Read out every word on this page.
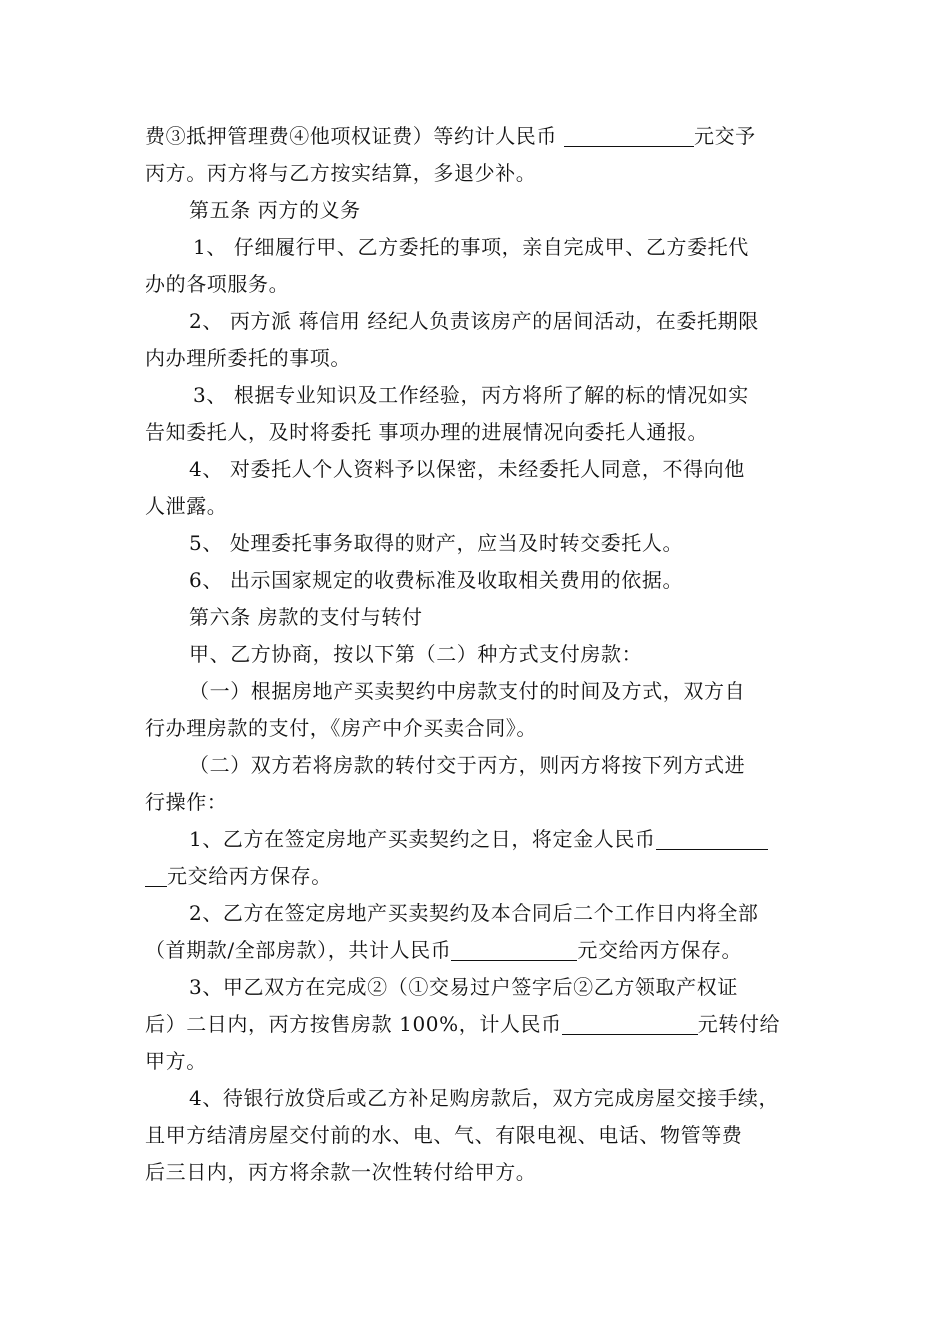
费③抵押管理费④他项权证费）等约计人民币	元交予
丙方。丙方将与乙方按实结算，多退少补。
第五条 丙方的义务
1、 仔细履行甲、乙方委托的事项，亲自完成甲、乙方委托代
办的各项服务。
2、 丙方派 蒋信用 经纪人负责该房产的居间活动，在委托期限
内办理所委托的事项。
3、 根据专业知识及工作经验，丙方将所了解的标的情况如实
告知委托人，及时将委托 事项办理的进展情况向委托人通报。
4、 对委托人个人资料予以保密，未经委托人同意，不得向他
人泄露。
5、 处理委托事务取得的财产，应当及时转交委托人。
6、 出示国家规定的收费标准及收取相关费用的依据。
第六条 房款的支付与转付
甲、乙方协商，按以下第（二）种方式支付房款：
（一）根据房地产买卖契约中房款支付的时间及方式，双方自
行办理房款的支付，《房产中介买卖合同》。
（二）双方若将房款的转付交于丙方，则丙方将按下列方式进
行操作：
1、乙方在签定房地产买卖契约之日，将定金人民币
元交给丙方保存。
2、乙方在签定房地产买卖契约及本合同后二个工作日内将全部
（首期款/全部房款），共计人民币	元交给丙方保存。
3、甲乙双方在完成②（①交易过户签字后②乙方领取产权证
后）二日内，丙方按售房款 100%，计人民币	元转付给
甲方。
4、待银行放贷后或乙方补足购房款后，双方完成房屋交接手续，
且甲方结清房屋交付前的水、电、气、有限电视、电话、物管等费
后三日内，丙方将余款一次性转付给甲方。
